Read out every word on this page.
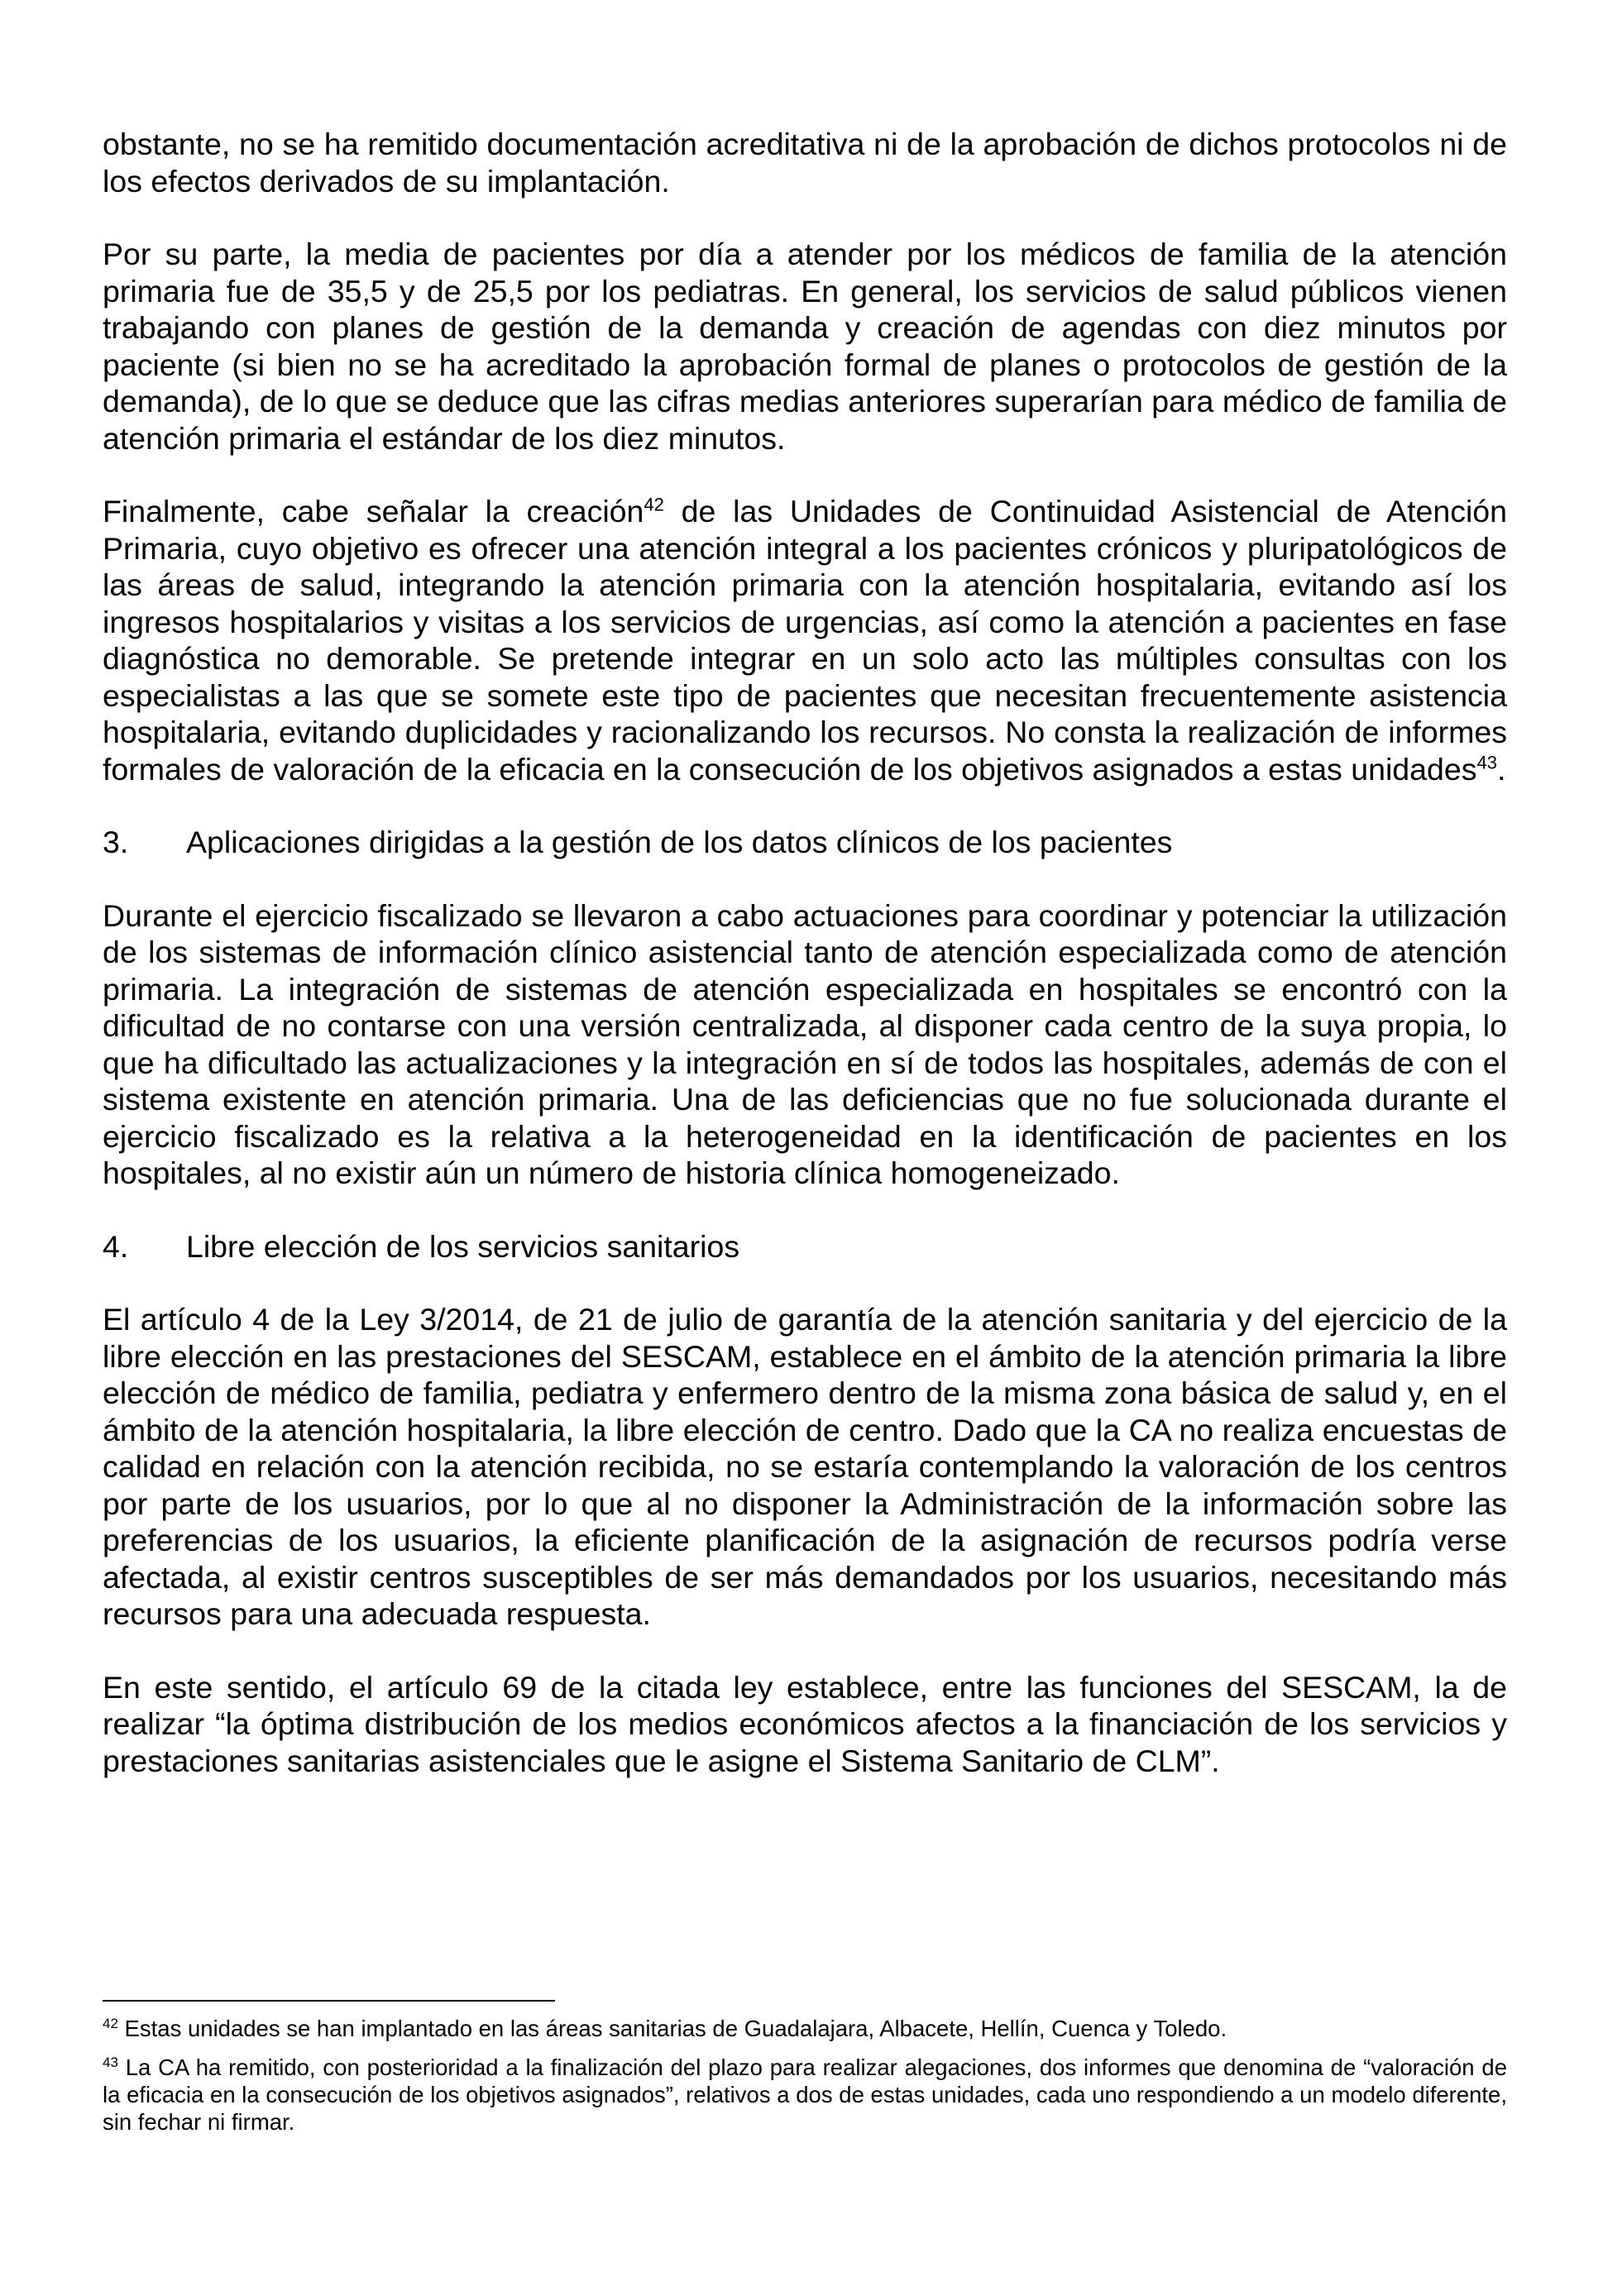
obstante, no se ha remitido documentación acreditativa ni de la aprobación de dichos protocolos ni de los efectos derivados de su implantación.

Por su parte, la media de pacientes por día a atender por los médicos de familia de la atención primaria fue de 35,5 y de 25,5 por los pediatras. En general, los servicios de salud públicos vienen trabajando con planes de gestión de la demanda y creación de agendas con diez minutos por paciente (si bien no se ha acreditado la aprobación formal de planes o protocolos de gestión de la demanda), de lo que se deduce que las cifras medias anteriores superarían para médico de familia de atención primaria el estándar de los diez minutos.

Finalmente, cabe señalar la creación$^{42}$ de las Unidades de Continuidad Asistencial de Atención Primaria, cuyo objetivo es ofrecer una atención integral a los pacientes crónicos y pluripatológicos de las áreas de salud, integrando la atención primaria con la atención hospitalaria, evitando así los ingresos hospitalarios y visitas a los servicios de urgencias, así como la atención a pacientes en fase diagnóstica no demorable. Se pretende integrar en un solo acto las múltiples consultas con los especialistas a las que se somete este tipo de pacientes que necesitan frecuentemente asistencia hospitalaria, evitando duplicidades y racionalizando los recursos. No consta la realización de informes formales de valoración de la eficacia en la consecución de los objetivos asignados a estas unidades$^{43}$.

3.	Aplicaciones dirigidas a la gestión de los datos clínicos de los pacientes

Durante el ejercicio fiscalizado se llevaron a cabo actuaciones para coordinar y potenciar la utilización de los sistemas de información clínico asistencial tanto de atención especializada como de atención primaria. La integración de sistemas de atención especializada en hospitales se encontró con la dificultad de no contarse con una versión centralizada, al disponer cada centro de la suya propia, lo que ha dificultado las actualizaciones y la integración en sí de todos las hospitales, además de con el sistema existente en atención primaria. Una de las deficiencias que no fue solucionada durante el ejercicio fiscalizado es la relativa a la heterogeneidad en la identificación de pacientes en los hospitales, al no existir aún un número de historia clínica homogeneizado.

4.	Libre elección de los servicios sanitarios

El artículo 4 de la Ley 3/2014, de 21 de julio de garantía de la atención sanitaria y del ejercicio de la libre elección en las prestaciones del SESCAM, establece en el ámbito de la atención primaria la libre elección de médico de familia, pediatra y enfermero dentro de la misma zona básica de salud y, en el ámbito de la atención hospitalaria, la libre elección de centro. Dado que la CA no realiza encuestas de calidad en relación con la atención recibida, no se estaría contemplando la valoración de los centros por parte de los usuarios, por lo que al no disponer la Administración de la información sobre las preferencias de los usuarios, la eficiente planificación de la asignación de recursos podría verse afectada, al existir centros susceptibles de ser más demandados por los usuarios, necesitando más recursos para una adecuada respuesta.

En este sentido, el artículo 69 de la citada ley establece, entre las funciones del SESCAM, la de realizar “la óptima distribución de los medios económicos afectos a la financiación de los servicios y prestaciones sanitarias asistenciales que le asigne el Sistema Sanitario de CLM”.

$^{42}$ Estas unidades se han implantado en las áreas sanitarias de Guadalajara, Albacete, Hellín, Cuenca y Toledo.

$^{43}$ La CA ha remitido, con posterioridad a la finalización del plazo para realizar alegaciones, dos informes que denomina de “valoración de la eficacia en la consecución de los objetivos asignados”, relativos a dos de estas unidades, cada uno respondiendo a un modelo diferente, sin fechar ni firmar.
